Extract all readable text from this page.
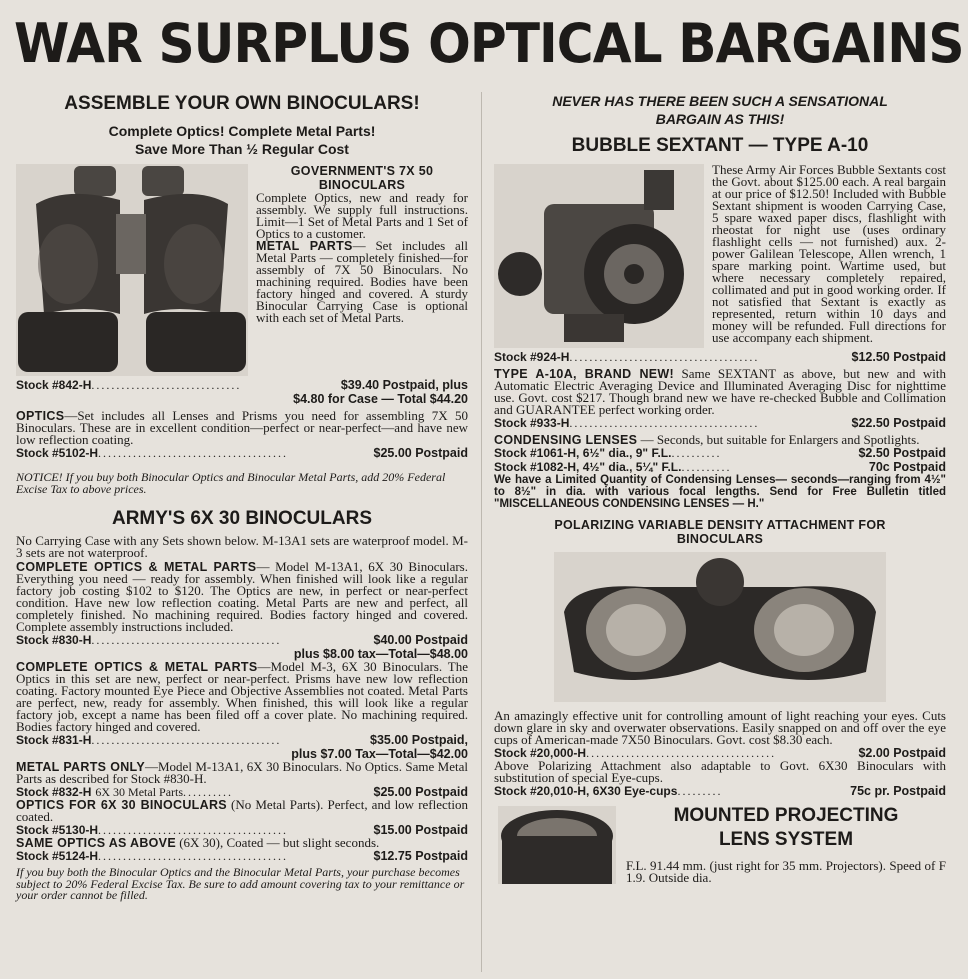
WAR SURPLUS OPTICAL BARGAINS
ASSEMBLE YOUR OWN BINOCULARS!
Complete Optics! Complete Metal Parts!
Save More Than ½ Regular Cost
GOVERNMENT'S 7X 50
BINOCULARS

Complete Optics, new and ready for assembly. We supply full instructions. Limit—1 Set of Metal Parts and 1 Set of Optics to a customer.

METAL PARTS— Set includes all Metal Parts — completely finished—for assembly of 7X 50 Binoculars. No machining required. Bodies have been factory hinged and covered. A sturdy Binocular Carrying Case is optional with each set of Metal Parts.

Stock #842-H ..............................	$39.40 Postpaid, plus
$4.80 for Case — Total $44.20

OPTICS—Set includes all Lenses and Prisms you need for assembling 7X 50 Binoculars. These are in excellent condition—perfect or near-perfect—and have new low reflection coating.

Stock #5102-H ......................................	$25.00 Postpaid

NOTICE! If you buy both Binocular Optics and Binocular Metal Parts, add 20% Federal Excise Tax to above prices.

ARMY'S 6X 30 BINOCULARS

No Carrying Case with any Sets shown below. M-13A1 sets are waterproof model. M-3 sets are not waterproof.

COMPLETE OPTICS & METAL PARTS— Model M-13A1, 6X 30 Binoculars. Everything you need — ready for assembly. When finished will look like a regular factory job costing $102 to $120. The Optics are new, in perfect or near-perfect condition. Have new low reflection coating. Metal Parts are new and perfect, all completely finished. No machining required. Bodies factory hinged and covered. Complete assembly instructions included.

Stock #830-H ......................................	$40.00 Postpaid
plus $8.00 tax—Total—$48.00

COMPLETE OPTICS & METAL PARTS—Model M-3, 6X 30 Binoculars. The Optics in this set are new, perfect or near-perfect. Prisms have new low reflection coating. Factory mounted Eye Piece and Objective Assemblies not coated. Metal Parts are perfect, new, ready for assembly. When finished, this will look like a regular factory job, except a name has been filed off a cover plate. No machining required. Bodies factory hinged and covered.

Stock #831-H ......................................	$35.00 Postpaid,
plus $7.00 Tax—Total—$42.00

METAL PARTS ONLY—Model M-13A1, 6X 30 Binoculars. No Optics. Same Metal Parts as described for Stock #830-H.

Stock #832-H 6X 30 Metal Parts ..........	$25.00 Postpaid

OPTICS FOR 6X 30 BINOCULARS (No Metal Parts). Perfect, and low reflection coated.

Stock #5130-H ......................................	$15.00 Postpaid

SAME OPTICS AS ABOVE (6X 30), Coated — but slight seconds.

Stock #5124-H ......................................	$12.75 Postpaid

If you buy both the Binocular Optics and the Binocular Metal Parts, your purchase becomes subject to 20% Federal Excise Tax. Be sure to add amount covering tax to your remittance or your order cannot be filled.

NEVER HAS THERE BEEN SUCH A SENSATIONAL
BARGAIN AS THIS!
BUBBLE SEXTANT — TYPE A-10

These Army Air Forces Bubble Sextants cost the Govt. about $125.00 each. A real bargain at our price of $12.50! Included with Bubble Sextant shipment is wooden Carrying Case, 5 spare waxed paper discs, flashlight with rheostat for night use (uses ordinary flashlight cells — not furnished) aux. 2-power Galilean Telescope, Allen wrench, 1 spare marking point. Wartime used, but where necessary completely repaired, collimated and put in good working order. If not satisfied that Sextant is exactly as represented, return within 10 days and money will be refunded. Full directions for use accompany each shipment.

Stock #924-H ......................................	$12.50 Postpaid

TYPE A-10A, BRAND NEW! Same SEXTANT as above, but new and with Automatic Electric Averaging Device and Illuminated Averaging Disc for nighttime use. Govt. cost $217. Though brand new we have re-checked Bubble and Collimation and GUARANTEE perfect working order.

Stock #933-H ......................................	$22.50 Postpaid

CONDENSING LENSES — Seconds, but suitable for Enlargers and Spotlights.

Stock #1061-H, 6½" dia., 9" F.L. ..........	$2.50 Postpaid
Stock #1082-H, 4½" dia., 5¼" F.L. ..........	70c Postpaid

We have a Limited Quantity of Condensing Lenses— seconds—ranging from 4½" to 8½" in dia. with various focal lengths. Send for Free Bulletin titled "MISCELLANEOUS CONDENSING LENSES — H."

POLARIZING VARIABLE DENSITY ATTACHMENT FOR
BINOCULARS

An amazingly effective unit for controlling amount of light reaching your eyes. Cuts down glare in sky and overwater observations. Easily snapped on and off over the eye cups of American-made 7X50 Binoculars. Govt. cost $8.30 each.

Stock #20,000-H ......................................	$2.00 Postpaid

Above Polarizing Attachment also adaptable to Govt. 6X30 Binoculars with substitution of special Eye-cups.

Stock #20,010-H, 6X30 Eye-cups .........	75c pr. Postpaid
MOUNTED PROJECTING
LENS SYSTEM

F.L. 91.44 mm. (just right for 35 mm. Projectors). Speed of F 1.9. Outside dia.
